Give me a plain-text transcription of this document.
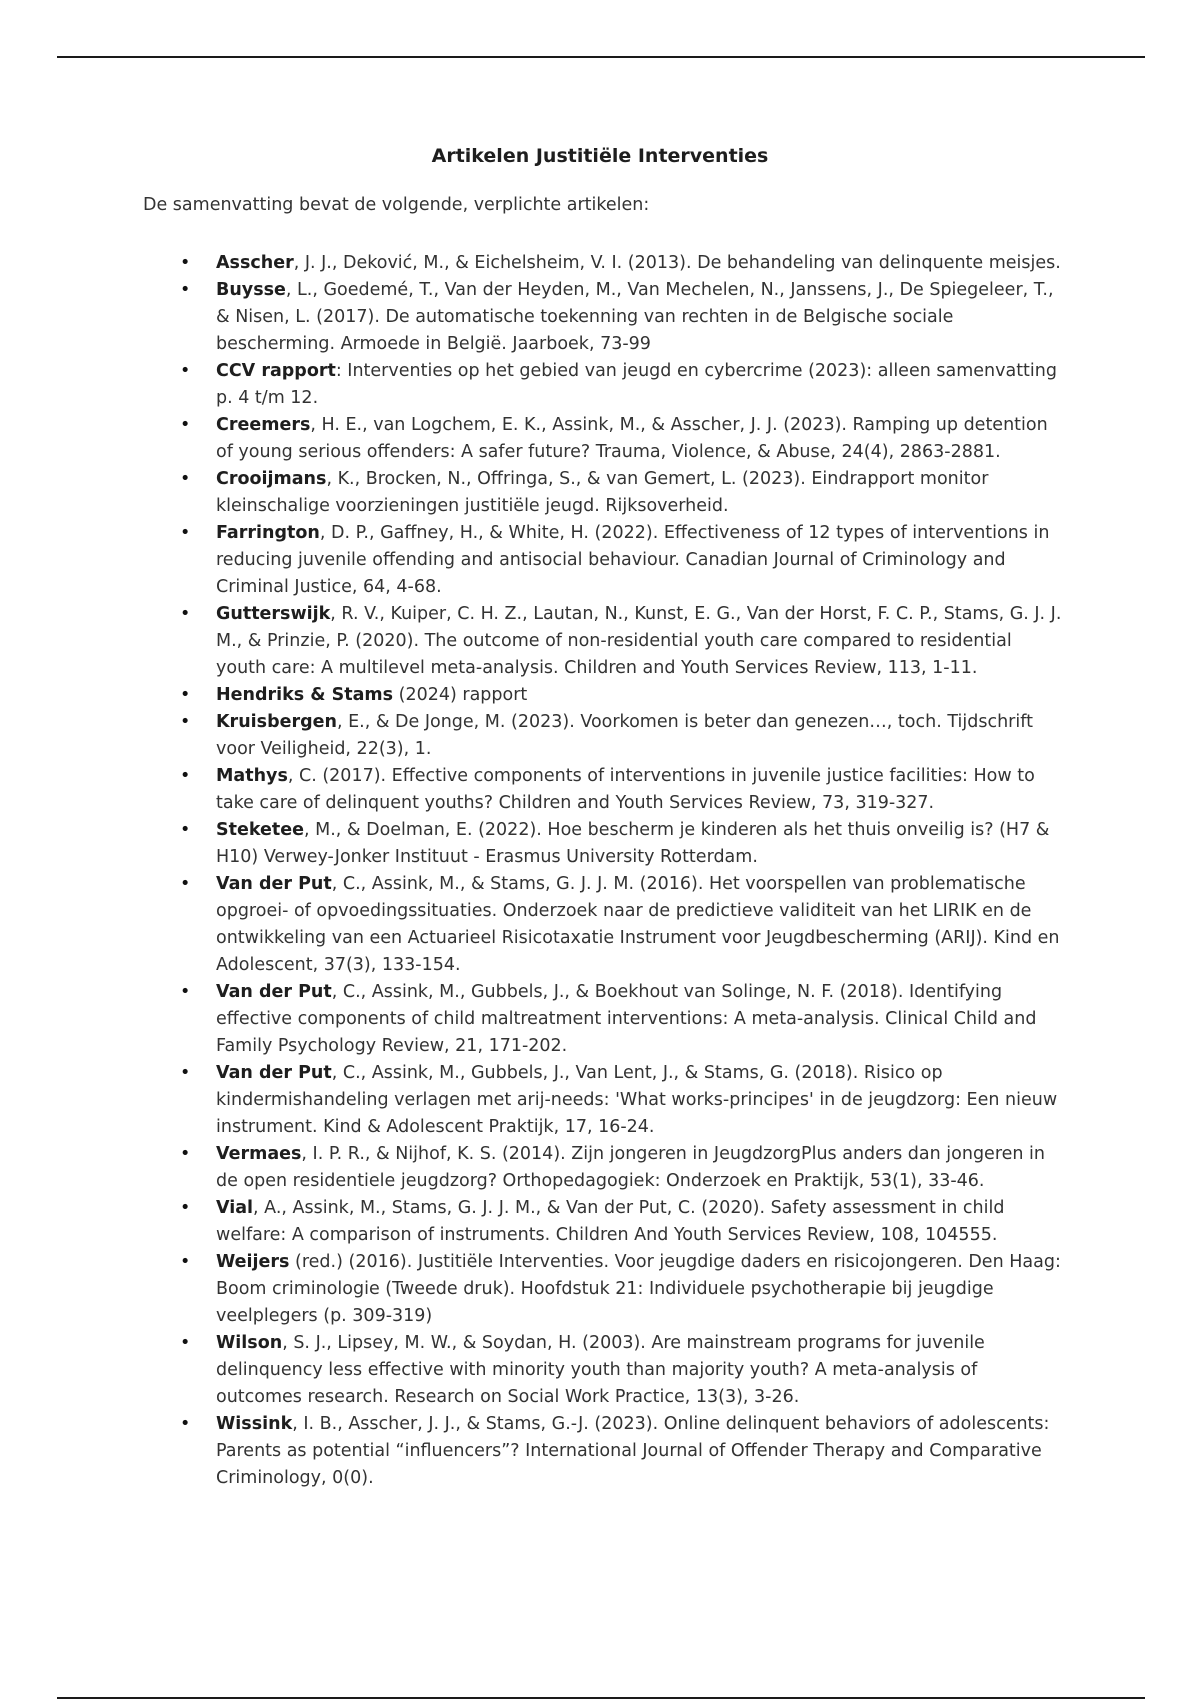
Artikelen Justitiële Interventies
De samenvatting bevat de volgende, verplichte artikelen:
• Asscher, J. J., Deković, M., & Eichelsheim, V. I. (2013). De behandeling van delinquente meisjes.
• Buysse, L., Goedemé, T., Van der Heyden, M., Van Mechelen, N., Janssens, J., De Spiegeleer, T., & Nisen, L. (2017). De automatische toekenning van rechten in de Belgische sociale bescherming. Armoede in België. Jaarboek, 73-99
• CCV rapport: Interventies op het gebied van jeugd en cybercrime (2023): alleen samenvatting p. 4 t/m 12.
• Creemers, H. E., van Logchem, E. K., Assink, M., & Asscher, J. J. (2023). Ramping up detention of young serious offenders: A safer future? Trauma, Violence, & Abuse, 24(4), 2863-2881.
• Crooijmans, K., Brocken, N., Offringa, S., & van Gemert, L. (2023). Eindrapport monitor kleinschalige voorzieningen justitiële jeugd. Rijksoverheid.
• Farrington, D. P., Gaffney, H., & White, H. (2022). Effectiveness of 12 types of interventions in reducing juvenile offending and antisocial behaviour. Canadian Journal of Criminology and Criminal Justice, 64, 4-68.
• Gutterswijk, R. V., Kuiper, C. H. Z., Lautan, N., Kunst, E. G., Van der Horst, F. C. P., Stams, G. J. J. M., & Prinzie, P. (2020). The outcome of non-residential youth care compared to residential youth care: A multilevel meta-analysis. Children and Youth Services Review, 113, 1-11.
• Hendriks & Stams (2024) rapport
• Kruisbergen, E., & De Jonge, M. (2023). Voorkomen is beter dan genezen…, toch. Tijdschrift voor Veiligheid, 22(3), 1.
• Mathys, C. (2017). Effective components of interventions in juvenile justice facilities: How to take care of delinquent youths? Children and Youth Services Review, 73, 319-327.
• Steketee, M., & Doelman, E. (2022). Hoe bescherm je kinderen als het thuis onveilig is? (H7 & H10) Verwey-Jonker Instituut - Erasmus University Rotterdam.
• Van der Put, C., Assink, M., & Stams, G. J. J. M. (2016). Het voorspellen van problematische opgroei- of opvoedingssituaties. Onderzoek naar de predictieve validiteit van het LIRIK en de ontwikkeling van een Actuarieel Risicotaxatie Instrument voor Jeugdbescherming (ARIJ). Kind en Adolescent, 37(3), 133-154.
• Van der Put, C., Assink, M., Gubbels, J., & Boekhout van Solinge, N. F. (2018). Identifying effective components of child maltreatment interventions: A meta-analysis. Clinical Child and Family Psychology Review, 21, 171-202.
• Van der Put, C., Assink, M., Gubbels, J., Van Lent, J., & Stams, G. (2018). Risico op kindermishandeling verlagen met arij-needs: 'What works-principes' in de jeugdzorg: Een nieuw instrument. Kind & Adolescent Praktijk, 17, 16-24.
• Vermaes, I. P. R., & Nijhof, K. S. (2014). Zijn jongeren in JeugdzorgPlus anders dan jongeren in de open residentiele jeugdzorg? Orthopedagogiek: Onderzoek en Praktijk, 53(1), 33-46.
• Vial, A., Assink, M., Stams, G. J. J. M., & Van der Put, C. (2020). Safety assessment in child welfare: A comparison of instruments. Children And Youth Services Review, 108, 104555.
• Weijers (red.) (2016). Justitiële Interventies. Voor jeugdige daders en risicojongeren. Den Haag: Boom criminologie (Tweede druk). Hoofdstuk 21: Individuele psychotherapie bij jeugdige veelplegers (p. 309-319)
• Wilson, S. J., Lipsey, M. W., & Soydan, H. (2003). Are mainstream programs for juvenile delinquency less effective with minority youth than majority youth? A meta-analysis of outcomes research. Research on Social Work Practice, 13(3), 3-26.
• Wissink, I. B., Asscher, J. J., & Stams, G.-J. (2023). Online delinquent behaviors of adolescents: Parents as potential “influencers”? International Journal of Offender Therapy and Comparative Criminology, 0(0).
